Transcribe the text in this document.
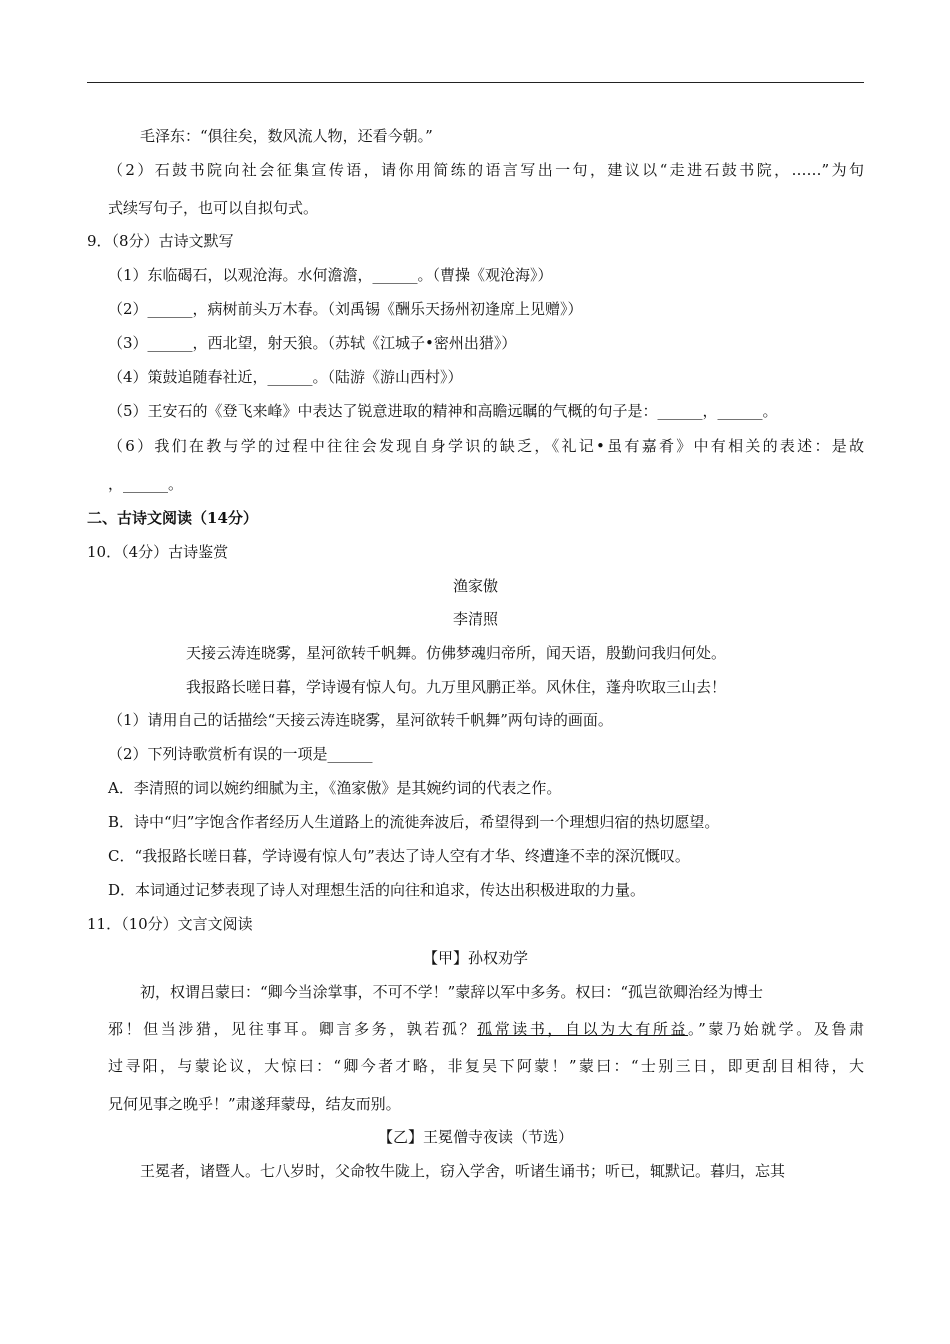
毛泽东：“俱往矣，数风流人物，还看今朝。”
（2）石鼓书院向社会征集宣传语，请你用简练的语言写出一句，建议以“走进石鼓书院，……”为句
式续写句子，也可以自拟句式。
9．（8分）古诗文默写
（1）东临碣石，以观沧海。水何澹澹，______。（曹操《观沧海》）
（2）______，病树前头万木春。（刘禹锡《酬乐天扬州初逢席上见赠》）
（3）______，西北望，射天狼。（苏轼《江城子•密州出猎》）
（4）策鼓追随春社近，______。（陆游《游山西村》）
（5）王安石的《登飞来峰》中表达了锐意进取的精神和高瞻远瞩的气概的句子是：______，______。
（6）我们在教与学的过程中往往会发现自身学识的缺乏，《礼记•虽有嘉肴》中有相关的表述：是故
，______。
二、古诗文阅读（14分）
10．（4分）古诗鉴赏
渔家傲
李清照
天接云涛连晓雾，星河欲转千帆舞。仿佛梦魂归帝所，闻天语，殷勤问我归何处。
我报路长嗟日暮，学诗谩有惊人句。九万里风鹏正举。风休住，蓬舟吹取三山去！
（1）请用自己的话描绘“天接云涛连晓雾，星河欲转千帆舞”两句诗的画面。
（2）下列诗歌赏析有误的一项是______
A．李清照的词以婉约细腻为主，《渔家傲》是其婉约词的代表之作。
B．诗中“归”字饱含作者经历人生道路上的流徙奔波后，希望得到一个理想归宿的热切愿望。
C．“我报路长嗟日暮，学诗谩有惊人句”表达了诗人空有才华、终遭逢不幸的深沉慨叹。
D．本词通过记梦表现了诗人对理想生活的向往和追求，传达出积极进取的力量。
11．（10分）文言文阅读
【甲】孙权劝学
初，权谓吕蒙曰：“卿今当涂掌事，不可不学！”蒙辞以军中多务。权曰：“孤岂欲卿治经为博士
邪！但当涉猎，见往事耳。卿言多务，孰若孤？孤常读书，自以为大有所益。”蒙乃始就学。及鲁肃
过寻阳，与蒙论议，大惊曰：“卿今者才略，非复吴下阿蒙！”蒙曰：“士别三日，即更刮目相待，大
兄何见事之晚乎！”肃遂拜蒙母，结友而别。
【乙】王冕僧寺夜读（节选）
王冕者，诸暨人。七八岁时，父命牧牛陇上，窃入学舍，听诸生诵书；听已，辄默记。暮归，忘其
